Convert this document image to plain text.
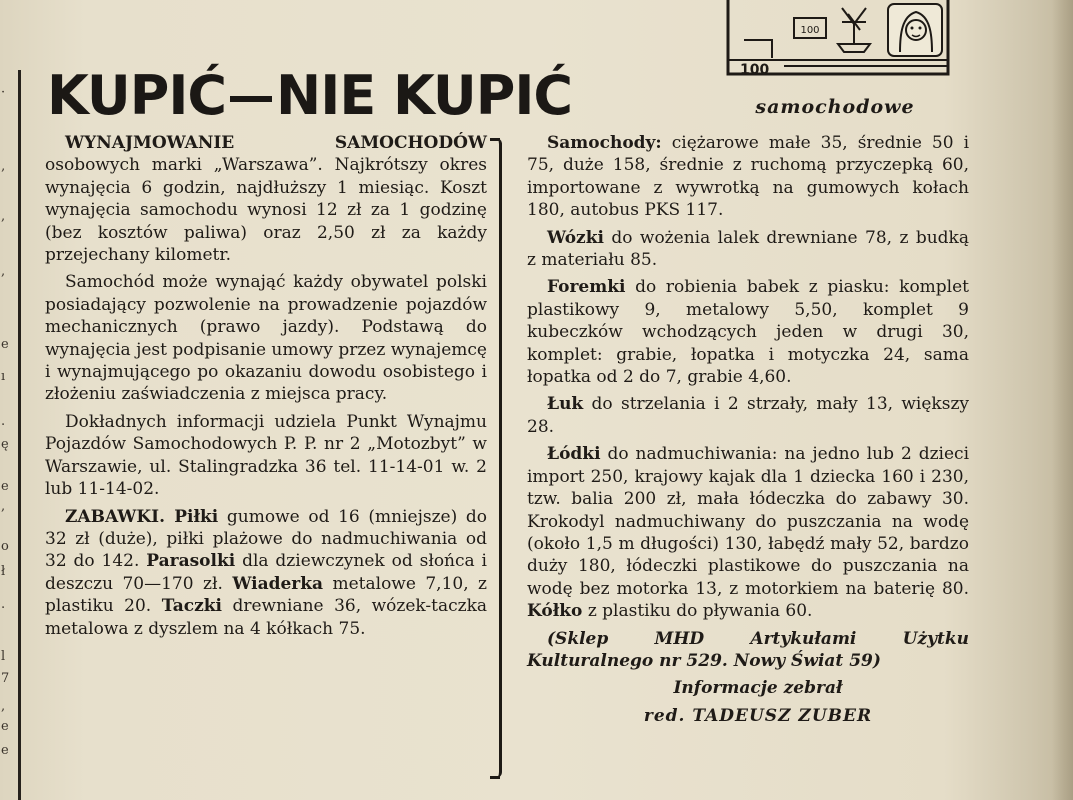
·
‚
,
,
e
ı
.
ę
e
,
o
ł
.
l
7
,
e
e
100
100
samochodowe
KUPIĆ NIE KUPIĆ

WYNAJMOWANIE SAMOCHODÓW osobowych marki „Warszawa”. Najkrótszy okres wynajęcia 6 godzin, najdłuższy 1 miesiąc. Koszt wynajęcia samochodu wynosi 12 zł za 1 godzinę (bez kosztów paliwa) oraz 2,50 zł za każdy przejechany kilometr.

Samochód może wynająć każdy obywatel polski posiadający pozwolenie na prowadzenie pojazdów mechanicznych (prawo jazdy). Podstawą do wynajęcia jest podpisanie umowy przez wynajemcę i wynajmującego po okazaniu dowodu osobistego i złożeniu zaświadczenia z miejsca pracy.

Dokładnych informacji udziela Punkt Wynajmu Pojazdów Samochodowych P. P. nr 2 „Motozbyt” w Warszawie, ul. Stalingradzka 36 tel. 11-14-01 w. 2 lub 11-14-02.

ZABAWKI. Piłki gumowe od 16 (mniejsze) do 32 zł (duże), piłki plażowe do nadmuchiwania od 32 do 142. Parasolki dla dziewczynek od słońca i deszczu 70—170 zł. Wiaderka metalowe 7,10, z plastiku 20. Taczki drewniane 36, wózek-taczka metalowa z dyszlem na 4 kółkach 75.

Samochody: ciężarowe małe 35, średnie 50 i 75, duże 158, średnie z ruchomą przyczepką 60, importowane z wywrotką na gumowych kołach 180, autobus PKS 117.

Wózki do wożenia lalek drewniane 78, z budką z materiału 85.

Foremki do robienia babek z piasku: komplet plastikowy 9, metalowy 5,50, komplet 9 kubeczków wchodzących jeden w drugi 30, komplet: grabie, łopatka i motyczka 24, sama łopatka od 2 do 7, grabie 4,60.

Łuk do strzelania i 2 strzały, mały 13, większy 28.

Łódki do nadmuchiwania: na jedno lub 2 dzieci import 250, krajowy kajak dla 1 dziecka 160 i 230, tzw. balia 200 zł, mała łódeczka do zabawy 30. Krokodyl nadmuchiwany do puszczania na wodę (około 1,5 m długości) 130, łabędź mały 52, bardzo duży 180, łódeczki plastikowe do puszczania na wodę bez motorka 13, z motorkiem na baterię 80. Kółko z plastiku do pływania 60.

(Sklep MHD Artykułami Użytku Kulturalnego nr 529. Nowy Świat 59)

Informacje zebrał

red. TADEUSZ ZUBER
